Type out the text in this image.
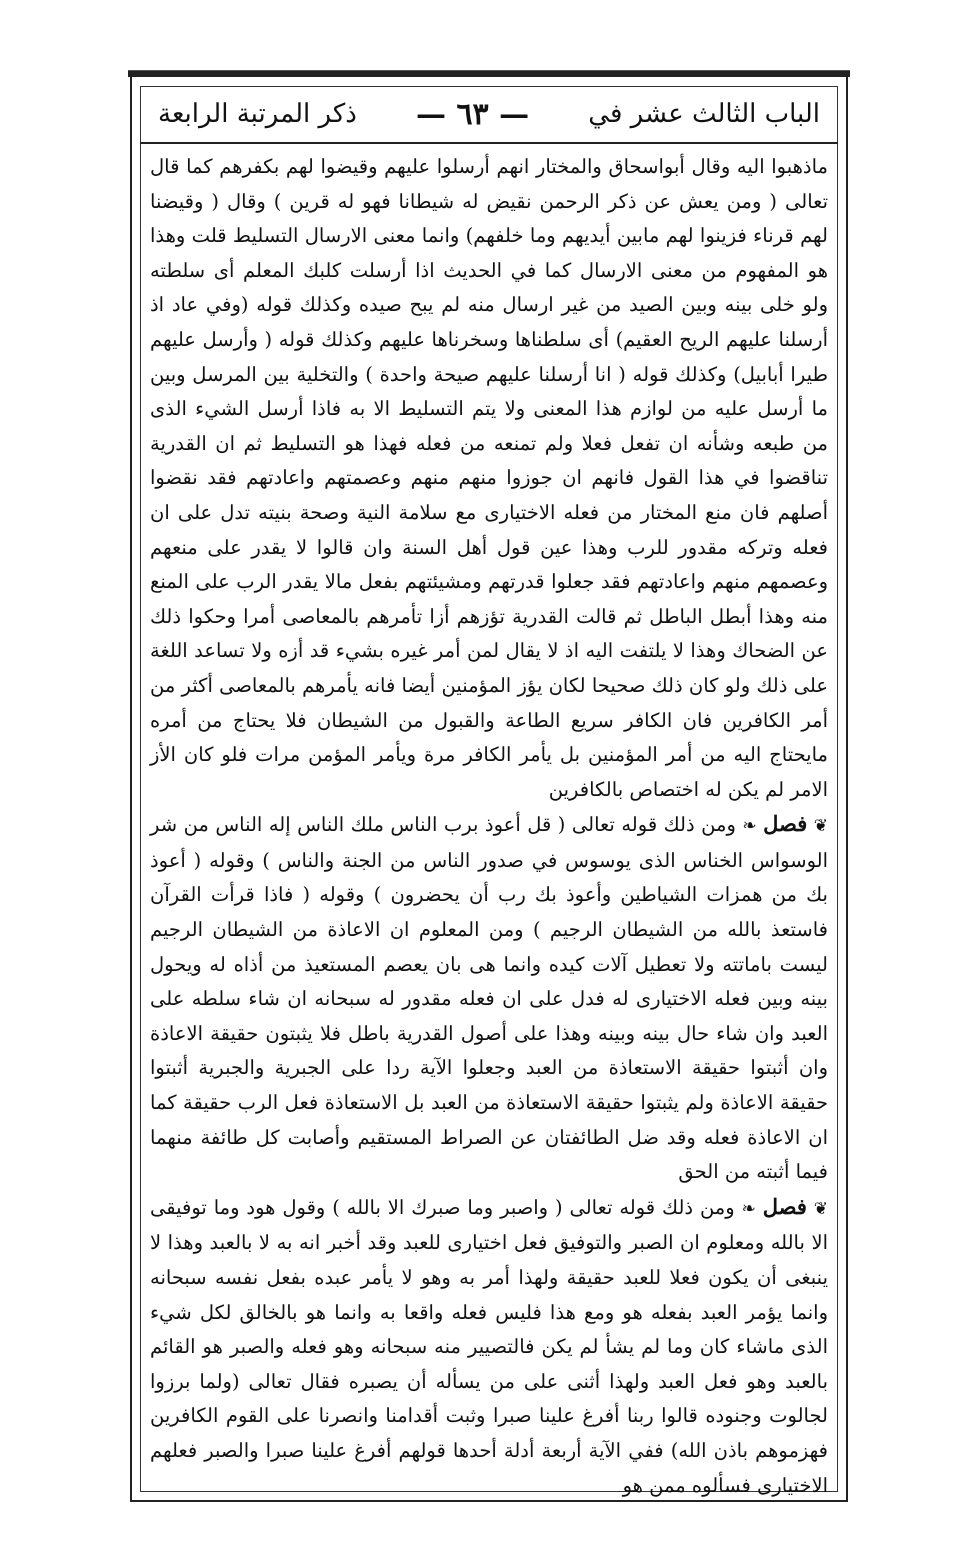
الباب الثالث عشر في
— ٦٣ —
ذكر المرتبة الرابعة

ماذهبوا اليه وقال أبواسحاق والمختار انهم أرسلوا عليهم وقيضوا لهم بكفرهم كما قال تعالى ( ومن يعش عن ذكر الرحمن نقيض له شيطانا فهو له قرين ) وقال ( وقيضنا لهم قرناء فزينوا لهم مابين أيديهم وما خلفهم) وانما معنى الارسال التسليط قلت وهذا هو المفهوم من معنى الارسال كما في الحديث اذا أرسلت كلبك المعلم أى سلطته ولو خلى بينه وبين الصيد من غير ارسال منه لم يبح صيده وكذلك قوله (وفي عاد اذ أرسلنا عليهم الريح العقيم) أى سلطناها وسخرناها عليهم وكذلك قوله ( وأرسل عليهم طيرا أبابيل) وكذلك قوله ( انا أرسلنا عليهم صيحة واحدة ) والتخلية بين المرسل وبين ما أرسل عليه من لوازم هذا المعنى ولا يتم التسليط الا به فاذا أرسل الشيء الذى من طبعه وشأنه ان تفعل فعلا ولم تمنعه من فعله فهذا هو التسليط ثم ان القدرية تناقضوا في هذا القول فانهم ان جوزوا منهم منهم وعصمتهم واعادتهم فقد نقضوا أصلهم فان منع المختار من فعله الاختيارى مع سلامة النية وصحة بنيته تدل على ان فعله وتركه مقدور للرب وهذا عين قول أهل السنة وان قالوا لا يقدر على منعهم وعصمهم منهم واعادتهم فقد جعلوا قدرتهم ومشيئتهم بفعل مالا يقدر الرب على المنع منه وهذا أبطل الباطل ثم قالت القدرية تؤزهم أزا تأمرهم بالمعاصى أمرا وحكوا ذلك عن الضحاك وهذا لا يلتفت اليه اذ لا يقال لمن أمر غيره بشيء قد أزه ولا تساعد اللغة على ذلك ولو كان ذلك صحيحا لكان يؤز المؤمنين أيضا فانه يأمرهم بالمعاصى أكثر من أمر الكافرين فان الكافر سريع الطاعة والقبول من الشيطان فلا يحتاج من أمره مايحتاج اليه من أمر المؤمنين بل يأمر الكافر مرة ويأمر المؤمن مرات فلو كان الأز الامر لم يكن له اختصاص بالكافرين

❦ فصل ❧ ومن ذلك قوله تعالى ( قل أعوذ برب الناس ملك الناس إله الناس من شر الوسواس الخناس الذى يوسوس في صدور الناس من الجنة والناس ) وقوله ( أعوذ بك من همزات الشياطين وأعوذ بك رب أن يحضرون ) وقوله ( فاذا قرأت القرآن فاستعذ بالله من الشيطان الرجيم ) ومن المعلوم ان الاعاذة من الشيطان الرجيم ليست باماتته ولا تعطيل آلات كيده وانما هى بان يعصم المستعيذ من أذاه له ويحول بينه وبين فعله الاختيارى له فدل على ان فعله مقدور له سبحانه ان شاء سلطه على العبد وان شاء حال بينه وبينه وهذا على أصول القدرية باطل فلا يثبتون حقيقة الاعاذة وان أثبتوا حقيقة الاستعاذة من العبد وجعلوا الآية ردا على الجبرية والجبرية أثبتوا حقيقة الاعاذة ولم يثبتوا حقيقة الاستعاذة من العبد بل الاستعاذة فعل الرب حقيقة كما ان الاعاذة فعله وقد ضل الطائفتان عن الصراط المستقيم وأصابت كل طائفة منهما فيما أثبته من الحق

❦ فصل ❧ ومن ذلك قوله تعالى ( واصبر وما صبرك الا بالله ) وقول هود وما توفيقى الا بالله ومعلوم ان الصبر والتوفيق فعل اختيارى للعبد وقد أخبر انه به لا بالعبد وهذا لا ينبغى أن يكون فعلا للعبد حقيقة ولهذا أمر به وهو لا يأمر عبده بفعل نفسه سبحانه وانما يؤمر العبد بفعله هو ومع هذا فليس فعله واقعا به وانما هو بالخالق لكل شيء الذى ماشاء كان وما لم يشأ لم يكن فالتصيير منه سبحانه وهو فعله والصبر هو القائم بالعبد وهو فعل العبد ولهذا أثنى على من يسأله أن يصبره فقال تعالى (ولما برزوا لجالوت وجنوده قالوا ربنا أفرغ علينا صبرا وثبت أقدامنا وانصرنا على القوم الكافرين فهزموهم باذن الله) ففي الآية أربعة أدلة أحدها قولهم أفرغ علينا صبرا والصبر فعلهم الاختيارى فسألوه ممن هو
